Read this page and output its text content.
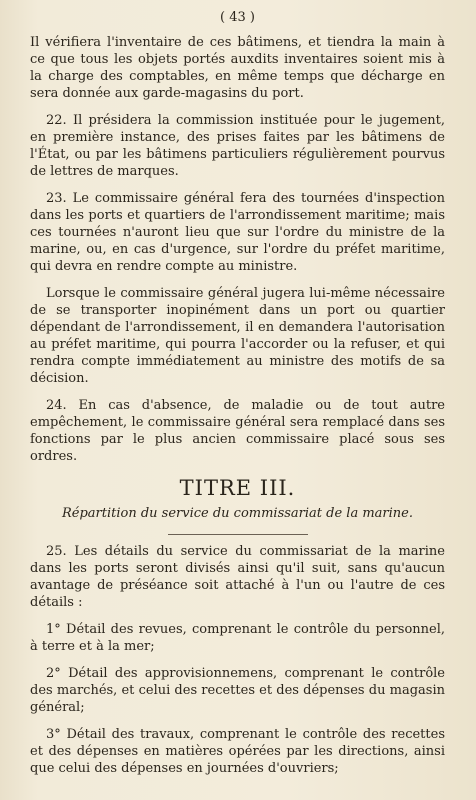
( 43 )

Il vérifiera l'inventaire de ces bâtimens, et tiendra la main à ce que tous les objets portés auxdits inventaires soient mis à la charge des comptables, en même temps que décharge en sera donnée aux garde-magasins du port.

22. Il présidera la commission instituée pour le jugement, en première instance, des prises faites par les bâtimens de l'État, ou par les bâtimens particuliers régulièrement pourvus de lettres de marques.

23. Le commissaire général fera des tournées d'inspection dans les ports et quartiers de l'arrondissement maritime; mais ces tournées n'auront lieu que sur l'ordre du ministre de la marine, ou, en cas d'urgence, sur l'ordre du préfet maritime, qui devra en rendre compte au ministre.

Lorsque le commissaire général jugera lui-même nécessaire de se transporter inopinément dans un port ou quartier dépendant de l'arrondissement, il en demandera l'autorisation au préfet maritime, qui pourra l'accorder ou la refuser, et qui rendra compte immédiatement au ministre des motifs de sa décision.

24. En cas d'absence, de maladie ou de tout autre empêchement, le commissaire général sera remplacé dans ses fonctions par le plus ancien commissaire placé sous ses ordres.

TITRE III.
Répartition du service du commissariat de la marine.

25. Les détails du service du commissariat de la marine dans les ports seront divisés ainsi qu'il suit, sans qu'aucun avantage de préséance soit attaché à l'un ou l'autre de ces détails :

1° Détail des revues, comprenant le contrôle du personnel, à terre et à la mer;

2° Détail des approvisionnemens, comprenant le contrôle des marchés, et celui des recettes et des dépenses du magasin général;

3° Détail des travaux, comprenant le contrôle des recettes et des dépenses en matières opérées par les directions, ainsi que celui des dépenses en journées d'ouvriers;
